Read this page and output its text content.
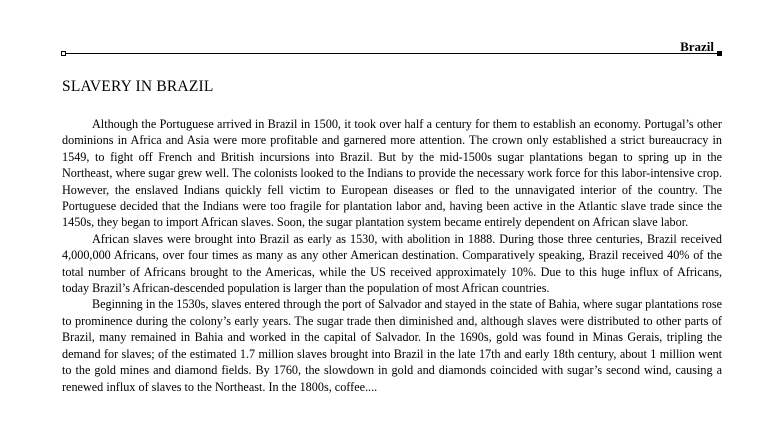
Brazil
SLAVERY IN BRAZIL

Although the Portuguese arrived in Brazil in 1500, it took over half a century for them to establish an economy. Portugal’s other dominions in Africa and Asia were more profitable and garnered more attention. The crown only established a strict bureaucracy in 1549, to fight off French and British incursions into Brazil. But by the mid-1500s sugar plantations began to spring up in the Northeast, where sugar grew well. The colonists looked to the Indians to provide the necessary work force for this labor-intensive crop. However, the enslaved Indians quickly fell victim to European diseases or fled to the unnavigated interior of the country. The Portuguese decided that the Indians were too fragile for plantation labor and, having been active in the Atlantic slave trade since the 1450s, they began to import African slaves. Soon, the sugar plantation system became entirely dependent on African slave labor.

African slaves were brought into Brazil as early as 1530, with abolition in 1888. During those three centuries, Brazil received 4,000,000 Africans, over four times as many as any other American destination. Comparatively speaking, Brazil received 40% of the total number of Africans brought to the Americas, while the US received approximately 10%. Due to this huge influx of Africans, today Brazil’s African-descended population is larger than the population of most African countries.

Beginning in the 1530s, slaves entered through the port of Salvador and stayed in the state of Bahia, where sugar plantations rose to prominence during the colony’s early years. The sugar trade then diminished and, although slaves were distributed to other parts of Brazil, many remained in Bahia and worked in the capital of Salvador. In the 1690s, gold was found in Minas Gerais, tripling the demand for slaves; of the estimated 1.7 million slaves brought into Brazil in the late 17th and early 18th century, about 1 million went to the gold mines and diamond fields. By 1760, the slowdown in gold and diamonds coincided with sugar’s second wind, causing a renewed influx of slaves to the Northeast. In the 1800s, coffee....
